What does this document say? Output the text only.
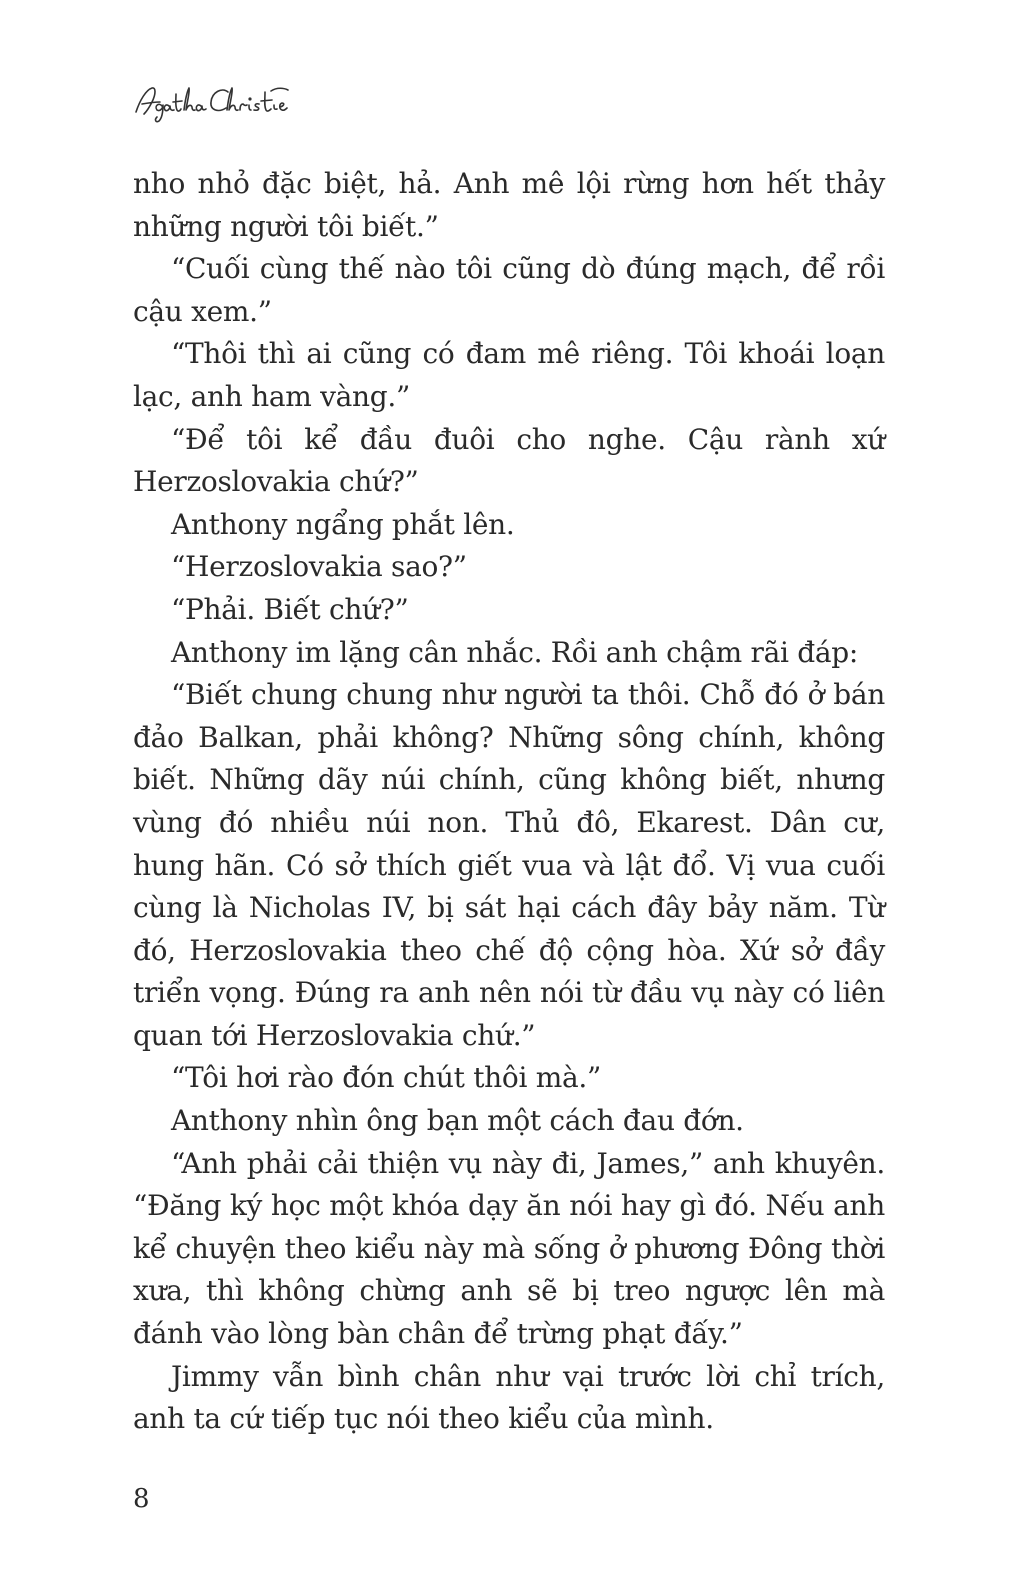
nho nhỏ đặc biệt, hả. Anh mê lội rừng hơn hết thảy những người tôi biết.”

“Cuối cùng thế nào tôi cũng dò đúng mạch, để rồi cậu xem.”

“Thôi thì ai cũng có đam mê riêng. Tôi khoái loạn lạc, anh ham vàng.”

“Để tôi kể đầu đuôi cho nghe. Cậu rành xứ Herzoslovakia chứ?”

Anthony ngẩng phắt lên.

“Herzoslovakia sao?”

“Phải. Biết chứ?”

Anthony im lặng cân nhắc. Rồi anh chậm rãi đáp:

“Biết chung chung như người ta thôi. Chỗ đó ở bán đảo Balkan, phải không? Những sông chính, không biết. Những dãy núi chính, cũng không biết, nhưng vùng đó nhiều núi non. Thủ đô, Ekarest. Dân cư, hung hãn. Có sở thích giết vua và lật đổ. Vị vua cuối cùng là Nicholas IV, bị sát hại cách đây bảy năm. Từ đó, Herzoslovakia theo chế độ cộng hòa. Xứ sở đầy triển vọng. Đúng ra anh nên nói từ đầu vụ này có liên quan tới Herzoslovakia chứ.”

“Tôi hơi rào đón chút thôi mà.”

Anthony nhìn ông bạn một cách đau đớn.

“Anh phải cải thiện vụ này đi, James,” anh khuyên. “Đăng ký học một khóa dạy ăn nói hay gì đó. Nếu anh kể chuyện theo kiểu này mà sống ở phương Đông thời xưa, thì không chừng anh sẽ bị treo ngược lên mà đánh vào lòng bàn chân để trừng phạt đấy.”

Jimmy vẫn bình chân như vại trước lời chỉ trích, anh ta cứ tiếp tục nói theo kiểu của mình.

8
